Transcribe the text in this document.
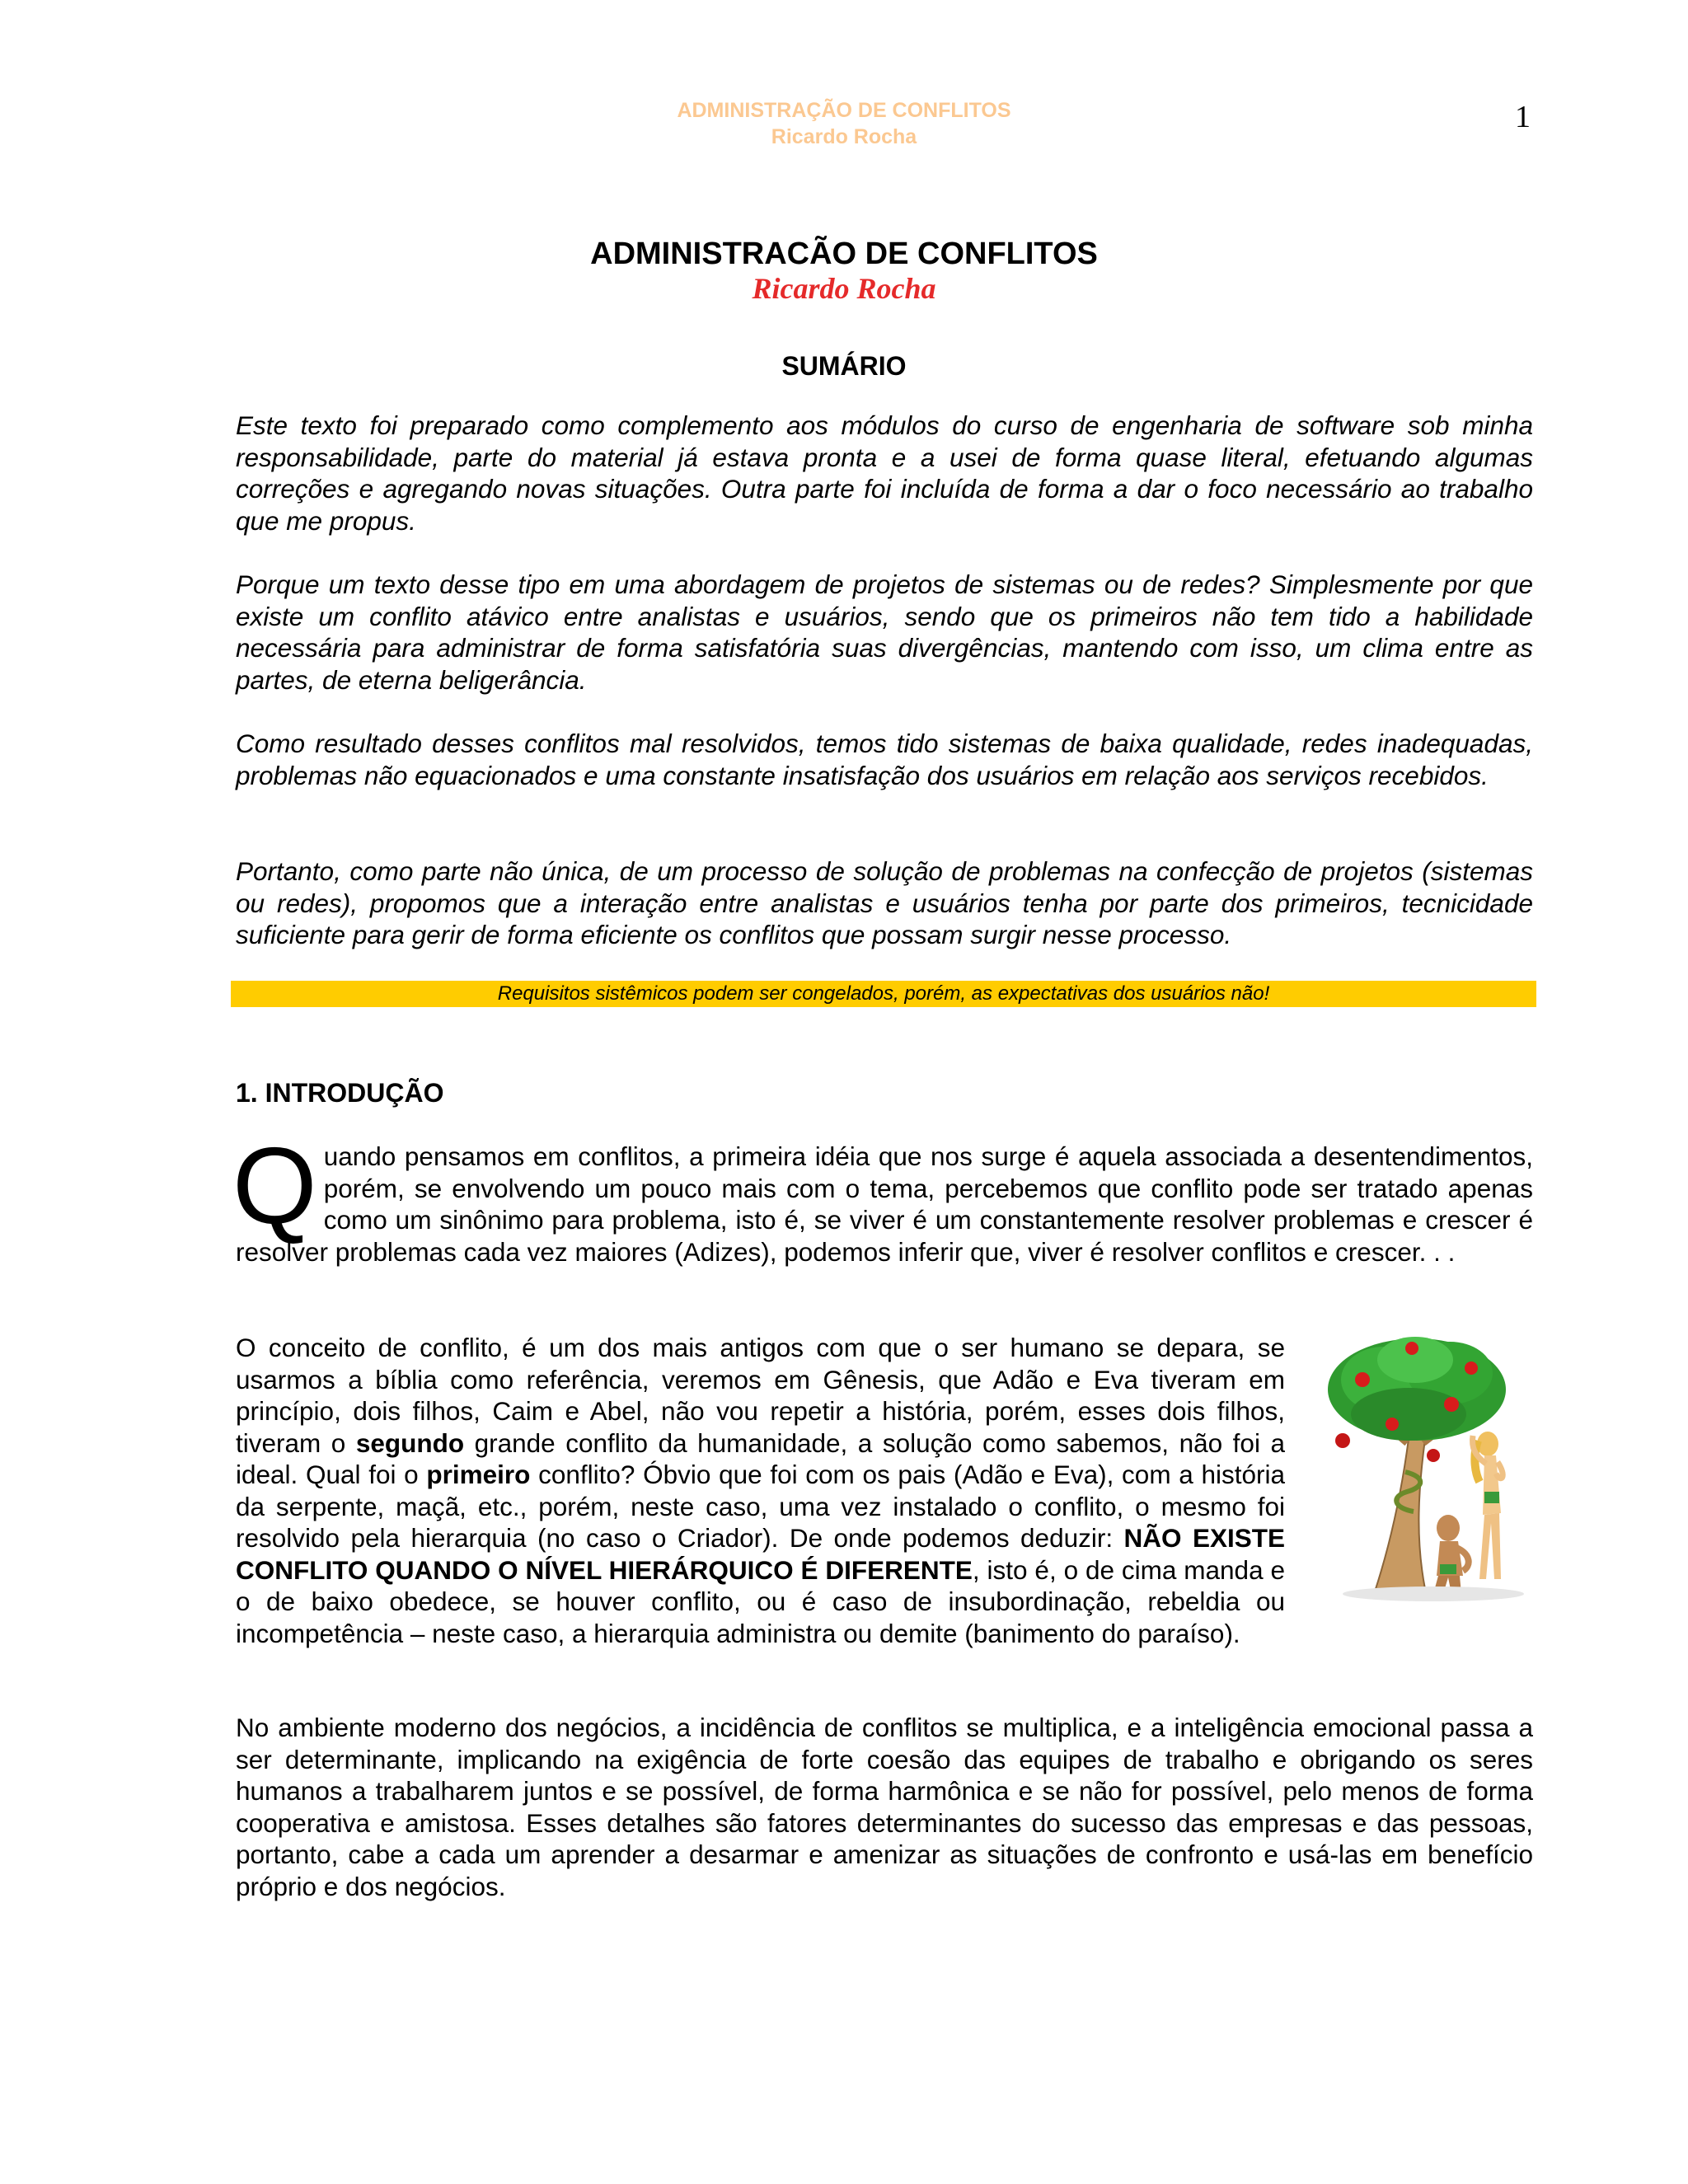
ADMINISTRAÇÃO DE CONFLITOS
Ricardo Rocha
1
ADMINISTRACÃO DE CONFLITOS
Ricardo Rocha
SUMÁRIO

Este texto foi preparado como complemento aos módulos do curso de engenharia de software sob minha responsabilidade, parte do material já estava pronta e a usei de forma quase literal, efetuando algumas correções e agregando novas situações. Outra parte foi incluída de forma a dar o foco necessário ao trabalho que me propus.

Porque um texto desse tipo em uma abordagem de projetos de sistemas ou de redes? Simplesmente por que existe um conflito atávico entre analistas e usuários, sendo que os primeiros não tem tido a habilidade necessária para administrar de forma satisfatória suas divergências, mantendo com isso, um clima entre as partes, de eterna beligerância.

Como resultado desses conflitos mal resolvidos, temos tido sistemas de baixa qualidade, redes inadequadas, problemas não equacionados e uma constante insatisfação dos usuários em relação aos serviços recebidos.

Portanto, como parte não única, de um processo de solução de problemas na confecção de projetos (sistemas ou redes), propomos que a interação entre analistas e usuários tenha por parte dos primeiros, tecnicidade suficiente para gerir de forma eficiente os conflitos que possam surgir nesse processo.

Requisitos sistêmicos podem ser congelados, porém, as expectativas dos usuários não!
1. INTRODUÇÃO

Quando pensamos em conflitos, a primeira idéia que nos surge é aquela associada a desentendimentos, porém, se envolvendo um pouco mais com o tema, percebemos que conflito pode ser tratado apenas como um sinônimo para problema, isto é, se viver é um constantemente resolver problemas e crescer é resolver problemas cada vez maiores (Adizes), podemos inferir que, viver é resolver conflitos e crescer. . .

O conceito de conflito, é um dos mais antigos com que o ser humano se depara, se usarmos a bíblia como referência, veremos em Gênesis, que Adão e Eva tiveram em princípio, dois filhos, Caim e Abel, não vou repetir a história, porém, esses dois filhos, tiveram o segundo grande conflito da humanidade, a solução como sabemos, não foi a ideal. Qual foi o primeiro conflito? Óbvio que foi com os pais (Adão e Eva), com a história da serpente, maçã, etc., porém, neste caso, uma vez instalado o conflito, o mesmo foi resolvido pela hierarquia (no caso o Criador). De onde podemos deduzir: NÃO EXISTE CONFLITO QUANDO O NÍVEL HIERÁRQUICO É DIFERENTE, isto é, o de cima manda e o de baixo obedece, se houver conflito, ou é caso de insubordinação, rebeldia ou incompetência – neste caso, a hierarquia administra ou demite (banimento do paraíso).

No ambiente moderno dos negócios, a incidência de conflitos se multiplica, e a inteligência emocional passa a ser determinante, implicando na exigência de forte coesão das equipes de trabalho e obrigando os seres humanos a trabalharem juntos e se possível, de forma harmônica e se não for possível, pelo menos de forma cooperativa e amistosa. Esses detalhes são fatores determinantes do sucesso das empresas e das pessoas, portanto, cabe a cada um aprender a desarmar e amenizar as situações de confronto e usá-las em benefício próprio e dos negócios.
